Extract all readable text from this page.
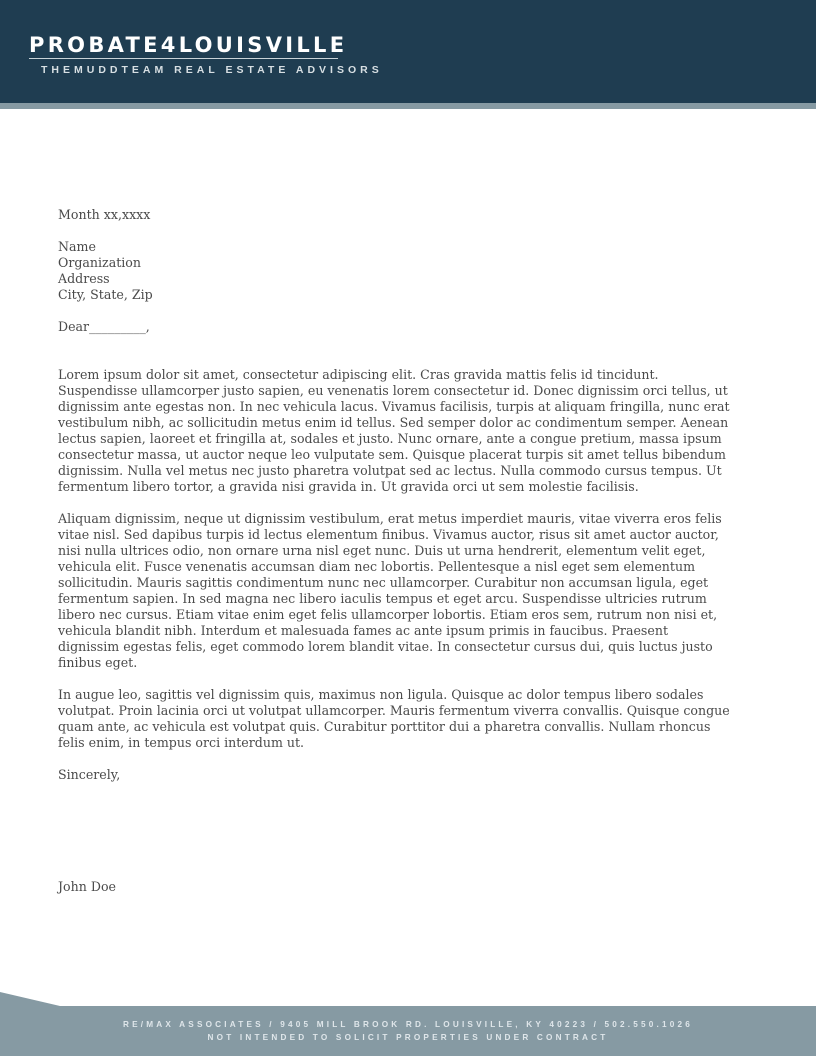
PROBATE4LOUISVILLE
THEMUDDTEAM REAL ESTATE ADVISORS

Month xx,xxxx

Name

Organization

Address

City, State, Zip

Dear_________,

Lorem ipsum dolor sit amet, consectetur adipiscing elit. Cras gravida mattis felis id tincidunt. Suspendisse ullamcorper justo sapien, eu venenatis lorem consectetur id. Donec dignissim orci tellus, ut dignissim ante egestas non. In nec vehicula lacus. Vivamus facilisis, turpis at aliquam fringilla, nunc erat vestibulum nibh, ac sollicitudin metus enim id tellus. Sed semper dolor ac condimentum semper. Aenean lectus sapien, laoreet et fringilla at, sodales et justo. Nunc ornare, ante a congue pretium, massa ipsum consectetur massa, ut auctor neque leo vulputate sem. Quisque placerat turpis sit amet tellus bibendum dignissim. Nulla vel metus nec justo pharetra volutpat sed ac lectus. Nulla commodo cursus tempus. Ut fermentum libero tortor, a gravida nisi gravida in. Ut gravida orci ut sem molestie facilisis.

Aliquam dignissim, neque ut dignissim vestibulum, erat metus imperdiet mauris, vitae viverra eros felis vitae nisl. Sed dapibus turpis id lectus elementum finibus. Vivamus auctor, risus sit amet auctor auctor, nisi nulla ultrices odio, non ornare urna nisl eget nunc. Duis ut urna hendrerit, elementum velit eget, vehicula elit. Fusce venenatis accumsan diam nec lobortis. Pellentesque a nisl eget sem elementum sollicitudin. Mauris sagittis condimentum nunc nec ullamcorper. Curabitur non accumsan ligula, eget fermentum sapien. In sed magna nec libero iaculis tempus et eget arcu. Suspendisse ultricies rutrum libero nec cursus. Etiam vitae enim eget felis ullamcorper lobortis. Etiam eros sem, rutrum non nisi et, vehicula blandit nibh. Interdum et malesuada fames ac ante ipsum primis in faucibus. Praesent dignissim egestas felis, eget commodo lorem blandit vitae. In consectetur cursus dui, quis luctus justo finibus eget.

In augue leo, sagittis vel dignissim quis, maximus non ligula. Quisque ac dolor tempus libero sodales volutpat. Proin lacinia orci ut volutpat ullamcorper. Mauris fermentum viverra convallis. Quisque congue quam ante, ac vehicula est volutpat quis. Curabitur porttitor dui a pharetra convallis. Nullam rhoncus felis enim, in tempus orci interdum ut.

Sincerely,

John Doe

RE/MAX ASSOCIATES / 9405 MILL BROOK RD. LOUISVILLE, KY 40223 / 502.550.1026
NOT INTENDED TO SOLICIT PROPERTIES UNDER CONTRACT
